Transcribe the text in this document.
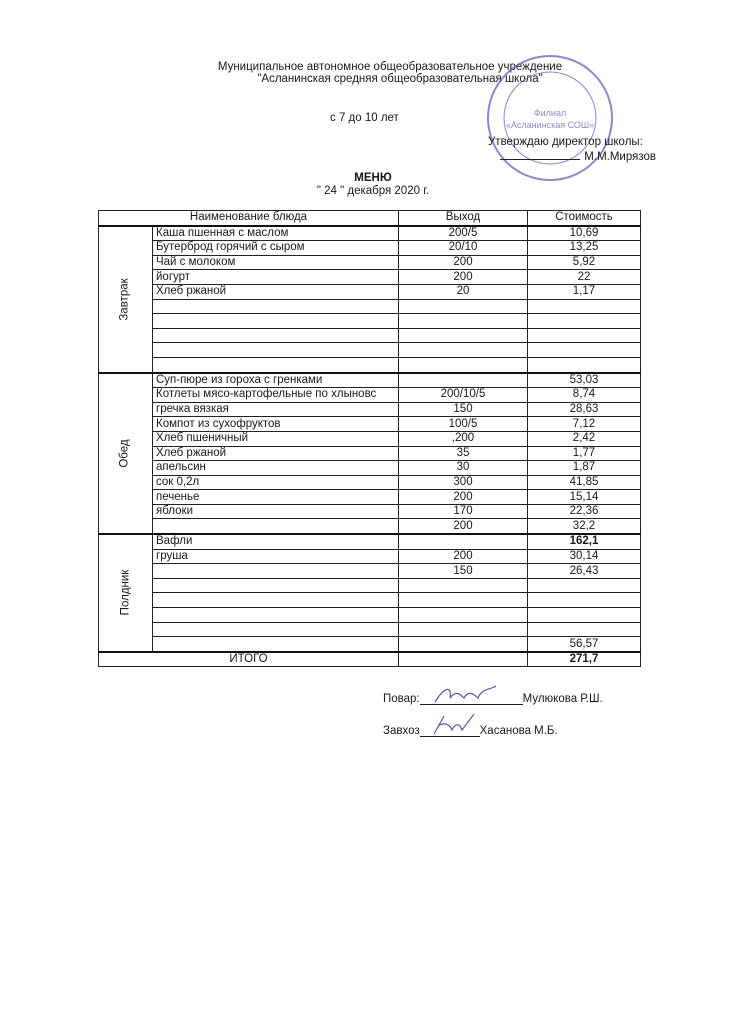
Муниципальное автономное общеобразовательное учреждение
"Асланинская средняя общеобразовательная школа"
с 7 до 10 лет	Филиал
«Асланинская СОШ»
Утверждаю директор школы:
М.М.Мирязов
МЕНЮ
" 24 " декабря 2020 г.
Наименование блюда		Выход	Стоимость
Завтрак	Каша пшенная с маслом	200/5	10,69
	Бутерброд горячий с сыром	20/10	13,25
	Чай с молоком	200	5,92
	йогурт	200	22
	Хлеб ржаной	20	1,17

Обед	Суп-пюре из гороха с гренками		53,03
	Котлеты мясо-картофельные по хлыновс	200/10/5	8,74
	гречка вязкая	150	28,63
	Компот из сухофруктов	100/5	7,12
	Хлеб пшеничный	,200	2,42
	Хлеб ржаной	35	1,77
	апельсин	30	1,87
	сок 0,2л	300	41,85
	печенье	200	15,14
	яблоки	170	22,36
		200	32,2
Полдник	Вафли		162,1
	груша	200	30,14
		150	26,43

			56,57
ИТОГО			271,7
Повар:	Мулюкова Р.Ш.
Завхоз	Хасанова М.Б.
